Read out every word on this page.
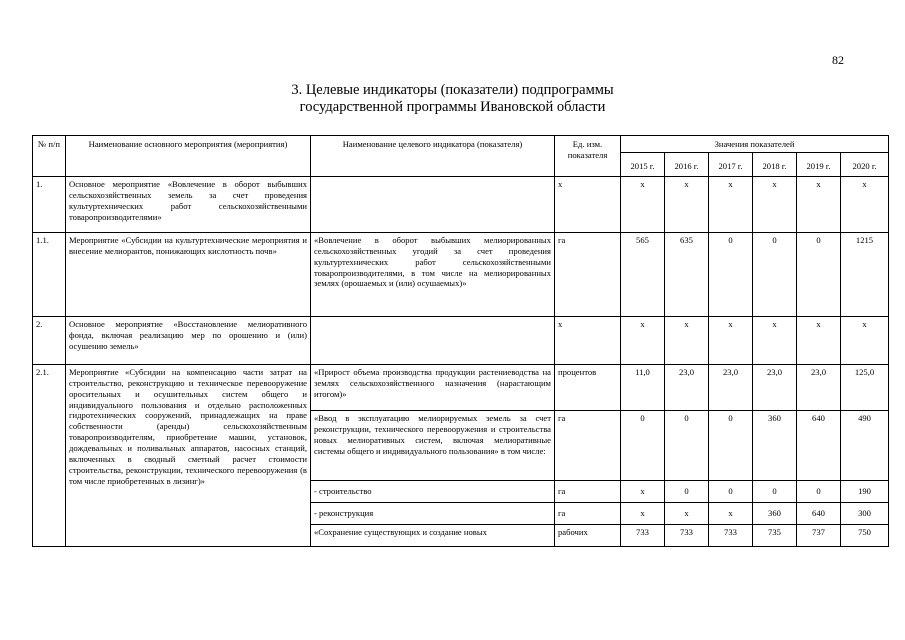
82
3. Целевые индикаторы (показатели) подпрограммы
государственной программы Ивановской области
№ п/п	Наименование основного мероприятия (мероприятия)	Наименование целевого индикатора (показателя)	Ед. изм. показателя	Значения показателей					
				2015 г.	2016 г.	2017 г.	2018 г.	2019 г.	2020 г.
1.	Основное мероприятие «Вовлечение в оборот выбывших сельскохозяйственных земель за счет проведения культуртехнических работ сельскохозяйственными товаропроизводителями»		х	х	х	х	х	х	х
1.1.	Мероприятие «Субсидии на культуртехнические мероприятия и внесение мелиорантов, понижающих кислотность почв»	«Вовлечение в оборот выбывших мелиорированных сельскохозяйственных угодий за счет проведения культуртехнических работ сельскохозяйственными товаропроизводителями, в том числе на мелиорированных землях (орошаемых и (или) осушаемых)»	га	565	635	0	0	0	1215
2.	Основное мероприятие «Восстановление мелиоративного фонда, включая реализацию мер по орошению и (или) осушению земель»		х	х	х	х	х	х	х
2.1.	Мероприятие «Субсидии на компенсацию части затрат на строительство, реконструкцию и техническое перевооружение оросительных и осушительных систем общего и индивидуального пользования и отдельно расположенных гидротехнических сооружений, принадлежащих на праве собственности (аренды) сельскохозяйственным товаропроизводителям, приобретение машин, установок, дождевальных и поливальных аппаратов, насосных станций, включенных в сводный сметный расчет стоимости строительства, реконструкции, технического перевооружения (в том числе приобретенных в лизинг)»	«Прирост объема производства продукции растениеводства на землях сельскохозяйственного назначения (нарастающим итогом)»	процентов	11,0	23,0	23,0	23,0	23,0	125,0
		«Ввод в эксплуатацию мелиорируемых земель за счет реконструкции, технического перевооружения и строительства новых мелиоративных систем, включая мелиоративные системы общего и индивидуального пользования» в том числе:	га	0	0	0	360	640	490
		- строительство	га	х	0	0	0	0	190
		- реконструкция	га	х	х	х	360	640	300
		«Сохранение существующих и создание новых	рабочих	733	733	733	735	737	750
